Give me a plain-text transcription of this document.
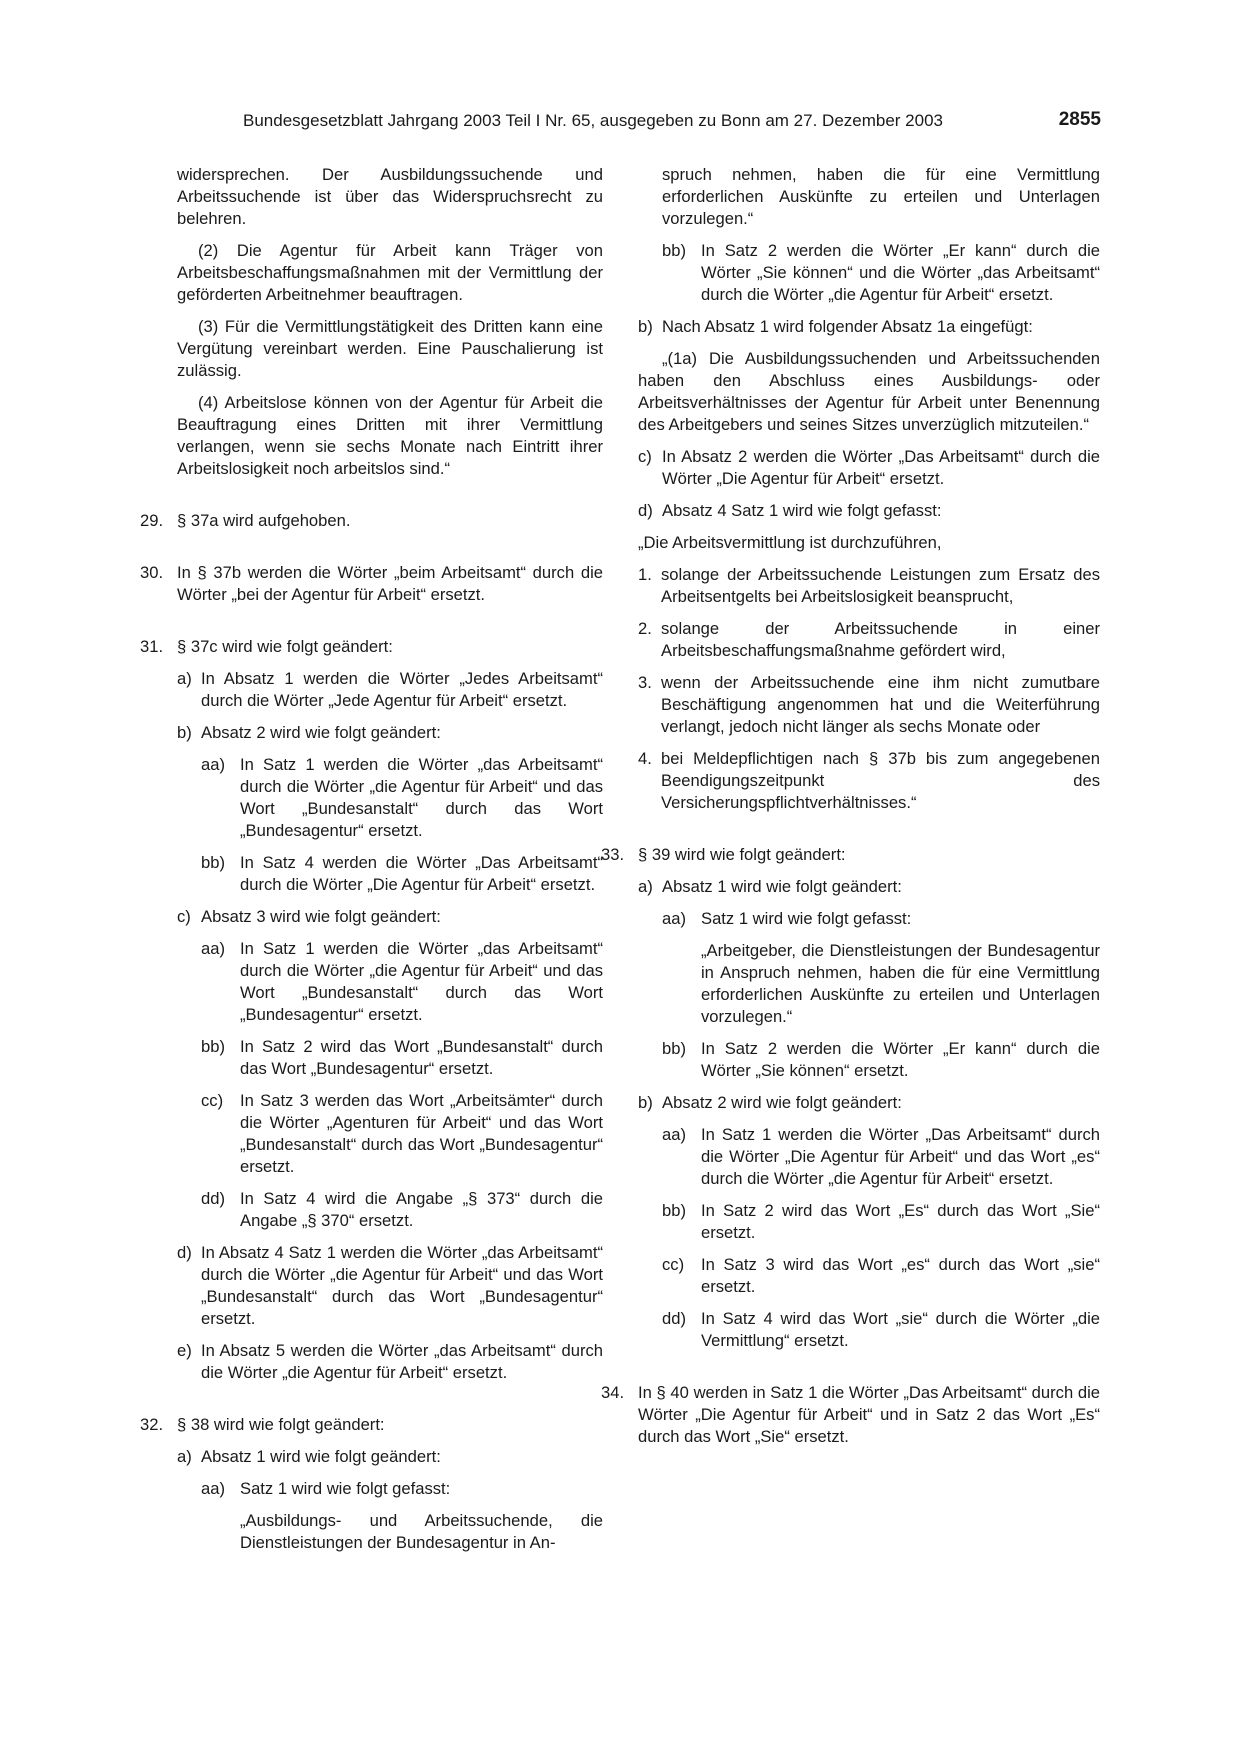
Bundesgesetzblatt Jahrgang 2003 Teil I Nr. 65, ausgegeben zu Bonn am 27. Dezember 2003	2855
widersprechen. Der Ausbildungssuchende und Arbeitssuchende ist über das Widerspruchsrecht zu belehren.
(2) Die Agentur für Arbeit kann Träger von Arbeitsbeschaffungsmaßnahmen mit der Vermittlung der geförderten Arbeitnehmer beauftragen.
(3) Für die Vermittlungstätigkeit des Dritten kann eine Vergütung vereinbart werden. Eine Pauschalierung ist zulässig.
(4) Arbeitslose können von der Agentur für Arbeit die Beauftragung eines Dritten mit ihrer Vermittlung verlangen, wenn sie sechs Monate nach Eintritt ihrer Arbeitslosigkeit noch arbeitslos sind.“
29. § 37a wird aufgehoben.
30. In § 37b werden die Wörter „beim Arbeitsamt“ durch die Wörter „bei der Agentur für Arbeit“ ersetzt.
31. § 37c wird wie folgt geändert:
a) In Absatz 1 werden die Wörter „Jedes Arbeitsamt“ durch die Wörter „Jede Agentur für Arbeit“ ersetzt.
b) Absatz 2 wird wie folgt geändert:
aa) In Satz 1 werden die Wörter „das Arbeitsamt“ durch die Wörter „die Agentur für Arbeit“ und das Wort „Bundesanstalt“ durch das Wort „Bundesagentur“ ersetzt.
bb) In Satz 4 werden die Wörter „Das Arbeitsamt“ durch die Wörter „Die Agentur für Arbeit“ ersetzt.
c) Absatz 3 wird wie folgt geändert:
aa) In Satz 1 werden die Wörter „das Arbeitsamt“ durch die Wörter „die Agentur für Arbeit“ und das Wort „Bundesanstalt“ durch das Wort „Bundesagentur“ ersetzt.
bb) In Satz 2 wird das Wort „Bundesanstalt“ durch das Wort „Bundesagentur“ ersetzt.
cc) In Satz 3 werden das Wort „Arbeitsämter“ durch die Wörter „Agenturen für Arbeit“ und das Wort „Bundesanstalt“ durch das Wort „Bundesagentur“ ersetzt.
dd) In Satz 4 wird die Angabe „§ 373“ durch die Angabe „§ 370“ ersetzt.
d) In Absatz 4 Satz 1 werden die Wörter „das Arbeitsamt“ durch die Wörter „die Agentur für Arbeit“ und das Wort „Bundesanstalt“ durch das Wort „Bundesagentur“ ersetzt.
e) In Absatz 5 werden die Wörter „das Arbeitsamt“ durch die Wörter „die Agentur für Arbeit“ ersetzt.
32. § 38 wird wie folgt geändert:
a) Absatz 1 wird wie folgt geändert:
aa) Satz 1 wird wie folgt gefasst:
„Ausbildungs- und Arbeitssuchende, die Dienstleistungen der Bundesagentur in An-
spruch nehmen, haben die für eine Vermittlung erforderlichen Auskünfte zu erteilen und Unterlagen vorzulegen.“
bb) In Satz 2 werden die Wörter „Er kann“ durch die Wörter „Sie können“ und die Wörter „das Arbeitsamt“ durch die Wörter „die Agentur für Arbeit“ ersetzt.
b) Nach Absatz 1 wird folgender Absatz 1a eingefügt:
„(1a) Die Ausbildungssuchenden und Arbeitssuchenden haben den Abschluss eines Ausbildungs- oder Arbeitsverhältnisses der Agentur für Arbeit unter Benennung des Arbeitgebers und seines Sitzes unverzüglich mitzuteilen.“
c) In Absatz 2 werden die Wörter „Das Arbeitsamt“ durch die Wörter „Die Agentur für Arbeit“ ersetzt.
d) Absatz 4 Satz 1 wird wie folgt gefasst:
„Die Arbeitsvermittlung ist durchzuführen,
1. solange der Arbeitssuchende Leistungen zum Ersatz des Arbeitsentgelts bei Arbeitslosigkeit beansprucht,
2. solange der Arbeitssuchende in einer Arbeitsbeschaffungsmaßnahme gefördert wird,
3. wenn der Arbeitssuchende eine ihm nicht zumutbare Beschäftigung angenommen hat und die Weiterführung verlangt, jedoch nicht länger als sechs Monate oder
4. bei Meldepflichtigen nach § 37b bis zum angegebenen Beendigungszeitpunkt des Versicherungspflichtverhältnisses.“
33. § 39 wird wie folgt geändert:
a) Absatz 1 wird wie folgt geändert:
aa) Satz 1 wird wie folgt gefasst:
„Arbeitgeber, die Dienstleistungen der Bundesagentur in Anspruch nehmen, haben die für eine Vermittlung erforderlichen Auskünfte zu erteilen und Unterlagen vorzulegen.“
bb) In Satz 2 werden die Wörter „Er kann“ durch die Wörter „Sie können“ ersetzt.
b) Absatz 2 wird wie folgt geändert:
aa) In Satz 1 werden die Wörter „Das Arbeitsamt“ durch die Wörter „Die Agentur für Arbeit“ und das Wort „es“ durch die Wörter „die Agentur für Arbeit“ ersetzt.
bb) In Satz 2 wird das Wort „Es“ durch das Wort „Sie“ ersetzt.
cc) In Satz 3 wird das Wort „es“ durch das Wort „sie“ ersetzt.
dd) In Satz 4 wird das Wort „sie“ durch die Wörter „die Vermittlung“ ersetzt.
34. In § 40 werden in Satz 1 die Wörter „Das Arbeitsamt“ durch die Wörter „Die Agentur für Arbeit“ und in Satz 2 das Wort „Es“ durch das Wort „Sie“ ersetzt.
